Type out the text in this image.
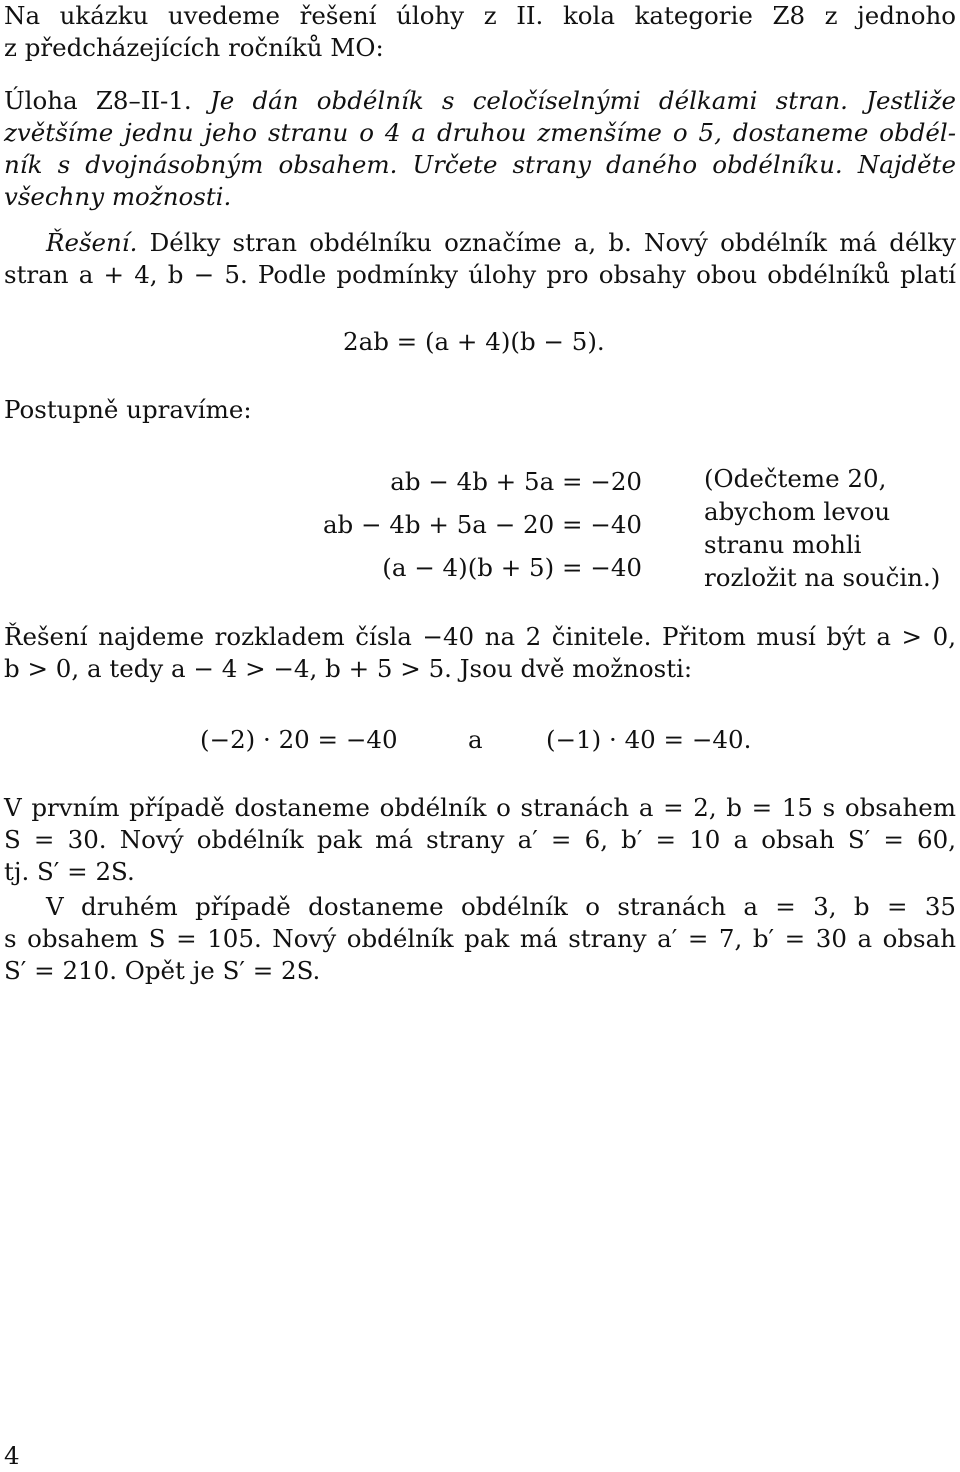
Na ukázku uvedeme řešení úlohy z II. kola kategorie Z8 z jednoho
z předcházejících ročníků MO:
Úloha Z8–II-1. Je dán obdélník s celočíselnými délkami stran. Jestliže
zvětšíme jednu jeho stranu o 4 a druhou zmenšíme o 5, dostaneme obdél-
ník s dvojnásobným obsahem. Určete strany daného obdélníku. Najděte
všechny možnosti.
Řešení. Délky stran obdélníku označíme a, b. Nový obdélník má délky
stran a + 4, b − 5. Podle podmínky úlohy pro obsahy obou obdélníků platí
2ab = (a + 4)(b − 5).
Postupně upravíme:
ab − 4b + 5a = −20
ab − 4b + 5a − 20 = −40
(a − 4)(b + 5) = −40
(Odečteme 20,
abychom levou
stranu mohli
rozložit na součin.)
Řešení najdeme rozkladem čísla −40 na 2 činitele. Přitom musí být a > 0,
b > 0, a tedy a − 4 > −4, b + 5 > 5. Jsou dvě možnosti:
(−2) · 20 = −40	a	(−1) · 40 = −40.
V prvním případě dostaneme obdélník o stranách a = 2, b = 15 s obsahem
S = 30. Nový obdélník pak má strany a′ = 6, b′ = 10 a obsah S′ = 60,
tj. S′ = 2S.
V druhém případě dostaneme obdélník o stranách a = 3, b = 35
s obsahem S = 105. Nový obdélník pak má strany a′ = 7, b′ = 30 a obsah
S′ = 210. Opět je S′ = 2S.
4
